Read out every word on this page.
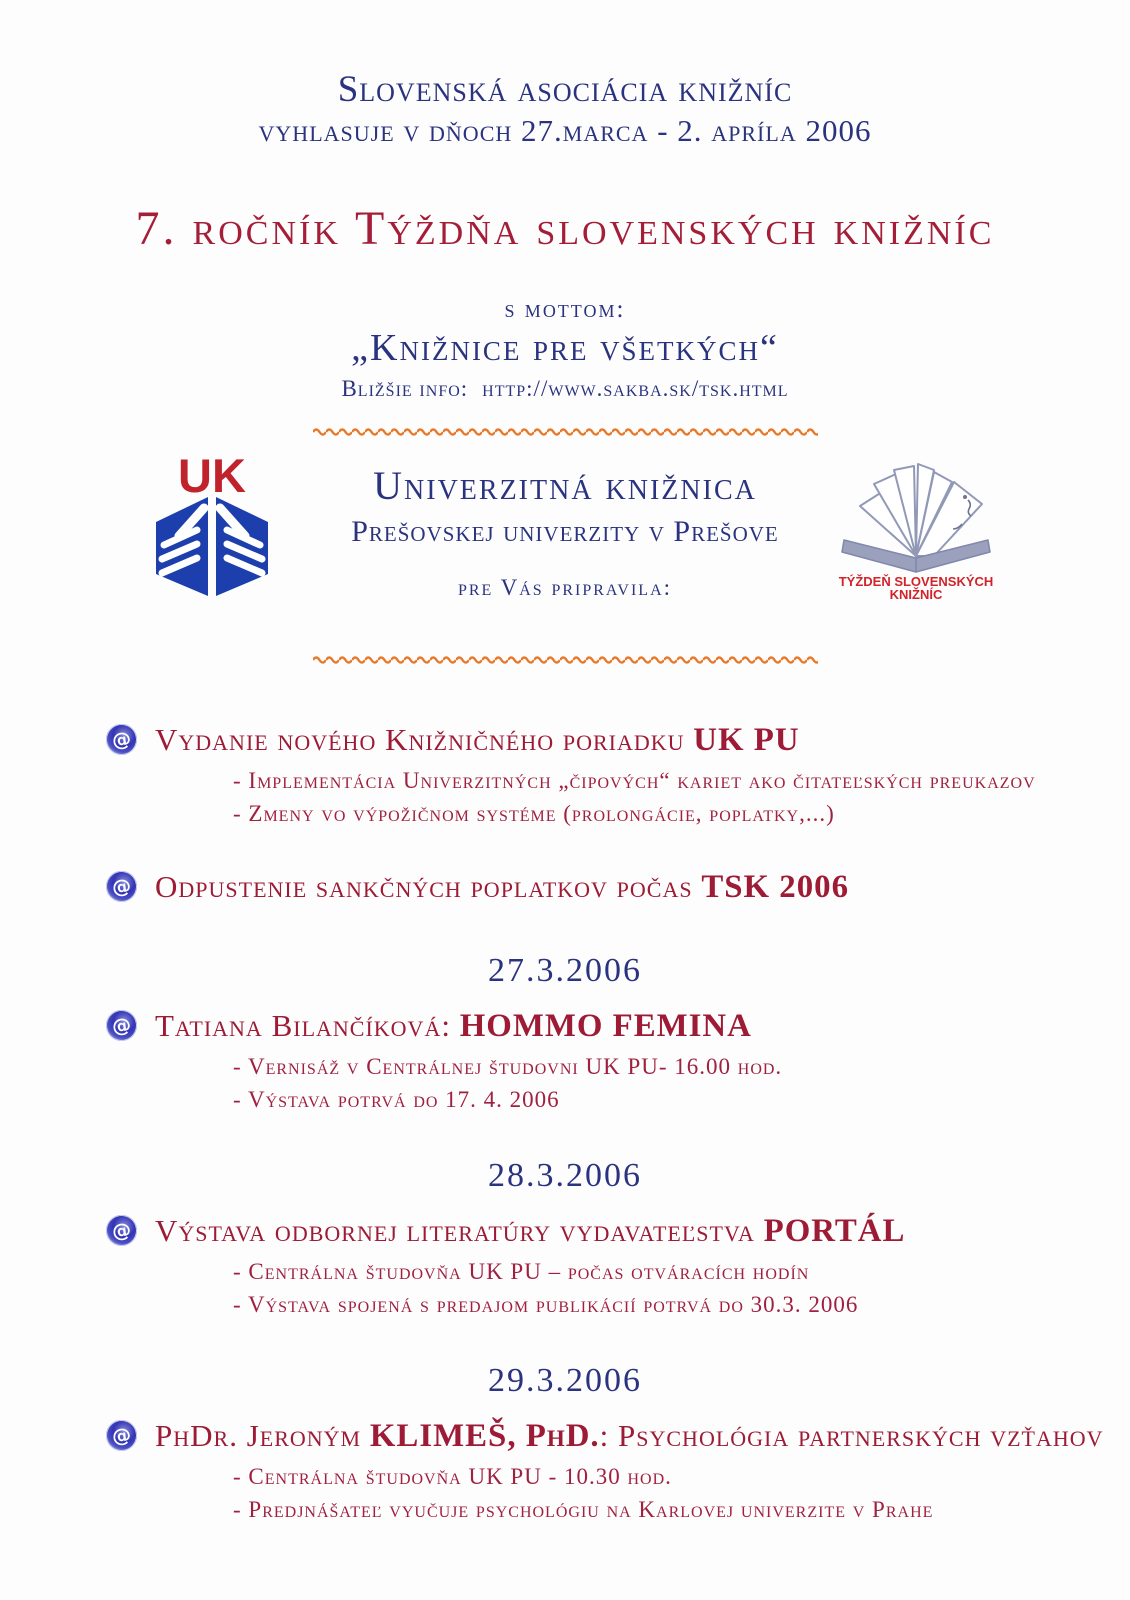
Slovenská asociácia knižníc
vyhlasuje v dňoch 27.marca - 2. apríla 2006
7. ročník Týždňa slovenských knižníc
s mottom:
„Knižnice pre všetkých“
Bližšie info: http://www.sakba.sk/tsk.html
UK	Univerzitná knižnica
Prešovskej univerzity v Prešove
pre Vás pripravila:	TÝŽDEŇ SLOVENSKÝCH
KNIŽNÍC
@ Vydanie nového Knižničného poriadku UK PU
- Implementácia Univerzitných „čipových“ kariet ako čitateľských preukazov
- Zmeny vo výpožičnom systéme (prolongácie, poplatky,...)
@ Odpustenie sankčných poplatkov počas TSK 2006
27.3.2006
@ Tatiana Bilančíková: HOMMO FEMINA
- Vernisáž v Centrálnej študovni UK PU- 16.00 hod.
- Výstava potrvá do 17. 4. 2006
28.3.2006
@ Výstava odbornej literatúry vydavateľstva PORTÁL
- Centrálna študovňa UK PU – počas otváracích hodín
- Výstava spojená s predajom publikácií potrvá do 30.3. 2006
29.3.2006
@ PhDr. Jeroným KLIMEŠ, PhD.: Psychológia partnerských vzťahov
- Centrálna študovňa UK PU - 10.30 hod.
- Predjnášateľ vyučuje psychológiu na Karlovej univerzite v Prahe
